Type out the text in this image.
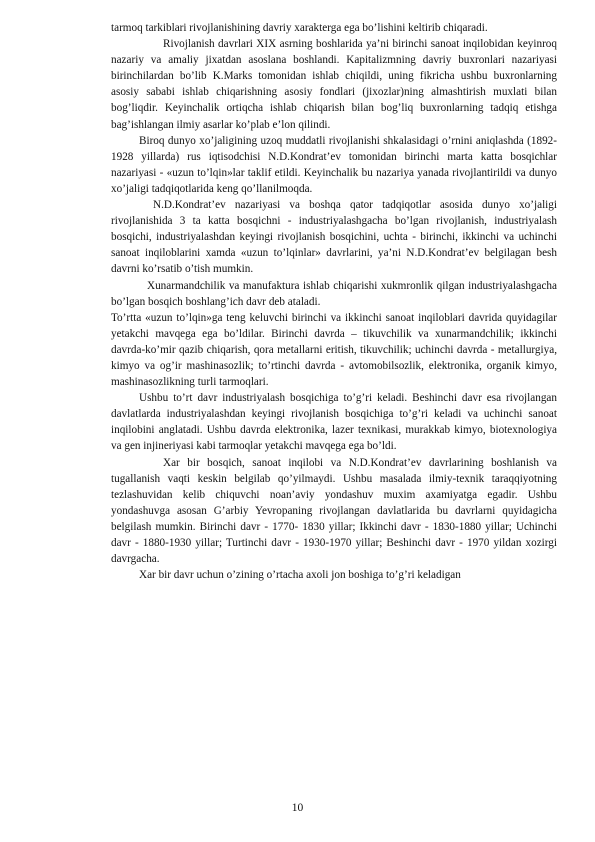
tarmoq tarkiblari rivojlanishining davriy xarakterga ega bo’lishini keltirib chiqaradi.

Rivojlanish davrlari XIX asrning boshlarida ya’ni birinchi sanoat inqilobidan keyinroq nazariy va amaliy jixatdan asoslana boshlandi. Kapitalizmning davriy buxronlari nazariyasi birinchilardan bo’lib K.Marks tomonidan ishlab chiqildi, uning fikricha ushbu buxronlarning asosiy sababi ishlab chiqarishning asosiy fondlari (jixozlar)ning almashtirish muxlati bilan bog’liqdir. Keyinchalik ortiqcha ishlab chiqarish bilan bog’liq buxronlarning tadqiq etishga bag’ishlangan ilmiy asarlar ko’plab e’lon qilindi.

Biroq dunyo xo’jaligining uzoq muddatli rivojlanishi shkalasidagi o’rnini aniqlashda (1892-1928 yillarda) rus iqtisodchisi N.D.Kondrat’ev tomonidan birinchi marta katta bosqichlar nazariyasi - «uzun to’lqin»lar taklif etildi. Keyinchalik bu nazariya yanada rivojlantirildi va dunyo xo’jaligi tadqiqotlarida keng qo’llanilmoqda.

N.D.Kondrat’ev nazariyasi va boshqa qator tadqiqotlar asosida dunyo xo’jaligi rivojlanishida 3 ta katta bosqichni - industriyalashgacha bo’lgan rivojlanish, industriyalash bosqichi, industriyalashdan keyingi rivojlanish bosqichini, uchta - birinchi, ikkinchi va uchinchi sanoat inqiloblarini xamda «uzun to’lqinlar» davrlarini, ya’ni N.D.Kondrat’ev belgilagan besh davrni ko’rsatib o’tish mumkin.

Xunarmandchilik va manufaktura ishlab chiqarishi xukmronlik qilgan industriyalashgacha bo’lgan bosqich boshlang’ich davr deb ataladi.

To’rtta «uzun to’lqin»ga teng keluvchi birinchi va ikkinchi sanoat inqiloblari davrida quyidagilar yetakchi mavqega ega bo’ldilar. Birinchi davrda – tikuvchilik va xunarmandchilik; ikkinchi davrda-ko’mir qazib chiqarish, qora metallarni eritish, tikuvchilik; uchinchi davrda - metallurgiya, kimyo va og’ir mashinasozlik; to’rtinchi davrda - avtomobilsozlik, elektronika, organik kimyo, mashinasozlikning turli tarmoqlari.

Ushbu to’rt davr industriyalash bosqichiga to’g’ri keladi. Beshinchi davr esa rivojlangan davlatlarda industriyalashdan keyingi rivojlanish bosqichiga to’g’ri keladi va uchinchi sanoat inqilobini anglatadi. Ushbu davrda elektronika, lazer texnikasi, murakkab kimyo, biotexnologiya va gen injineriyasi kabi tarmoqlar yetakchi mavqega ega bo’ldi.

Xar bir bosqich, sanoat inqilobi va N.D.Kondrat’ev davrlarining boshlanish va tugallanish vaqti keskin belgilab qo’yilmaydi. Ushbu masalada ilmiy-texnik taraqqiyotning tezlashuvidan kelib chiquvchi noan’aviy yondashuv muxim axamiyatga egadir. Ushbu yondashuvga asosan G’arbiy Yevropaning rivojlangan davlatlarida bu davrlarni quyidagicha belgilash mumkin. Birinchi davr - 1770- 1830 yillar; Ikkinchi davr - 1830-1880 yillar; Uchinchi davr - 1880-1930 yillar; Turtinchi davr - 1930-1970 yillar; Beshinchi davr - 1970 yildan xozirgi davrgacha.

Xar bir davr uchun o’zining o’rtacha axoli jon boshiga to’g’ri keladigan

10
